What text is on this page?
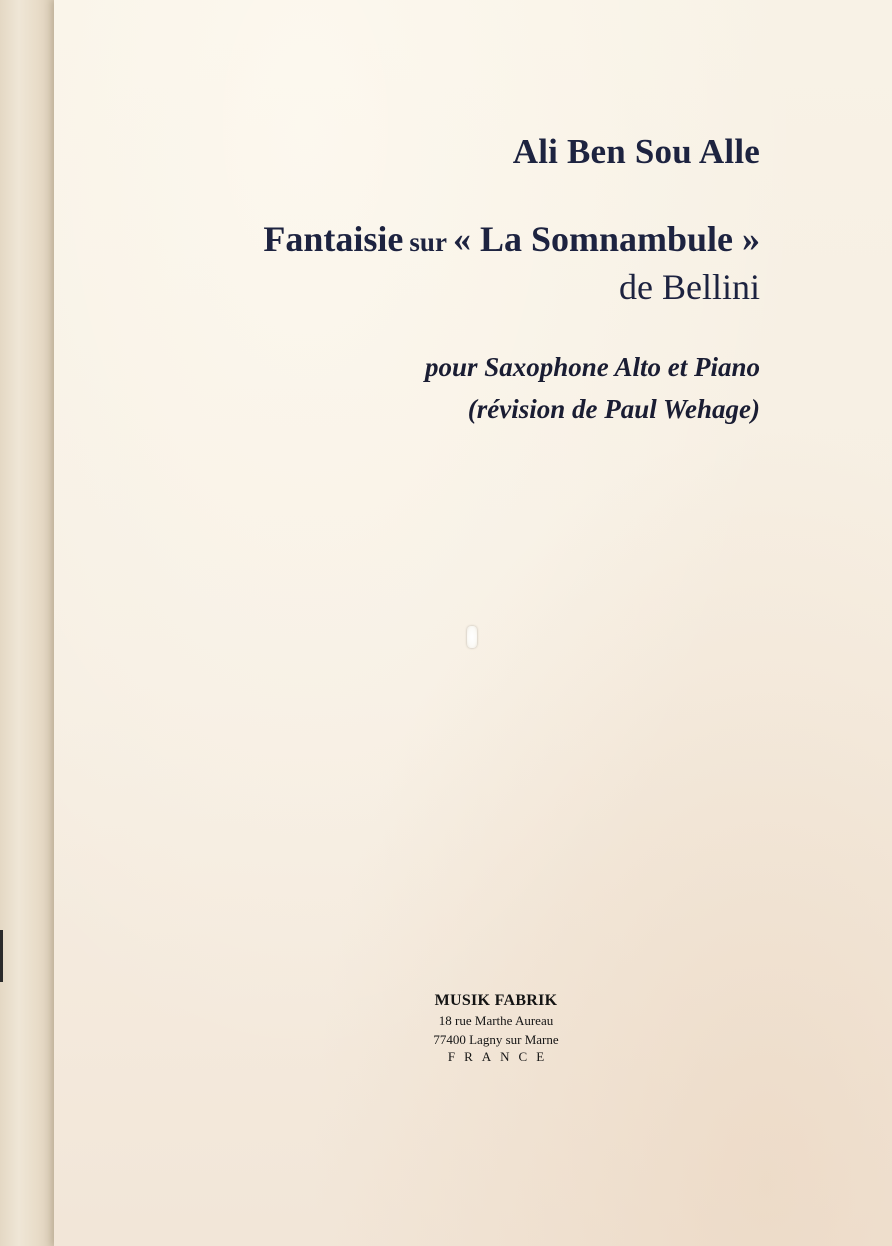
Ali Ben Sou Alle
Fantaisie sur « La Somnambule »

de Bellini

pour Saxophone Alto et Piano

(révision de Paul Wehage)

MUSIK FABRIK

18 rue Marthe Aureau

77400 Lagny sur Marne

FRANCE
